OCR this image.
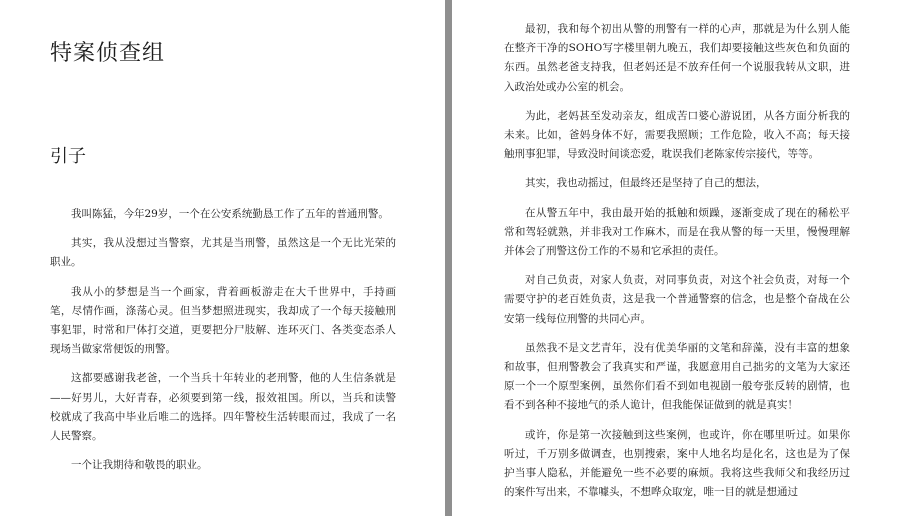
特案侦查组
引子

我叫陈猛，今年29岁，一个在公安系统勤恳工作了五年的普通刑警。

其实，我从没想过当警察，尤其是当刑警，虽然这是一个无比光荣的职业。

我从小的梦想是当一个画家，背着画板游走在大千世界中，手持画笔，尽情作画，涤荡心灵。但当梦想照进现实，我却成了一个每天接触刑事犯罪，时常和尸体打交道，更要把分尸肢解、连环灭门、各类变态杀人现场当做家常便饭的刑警。

这都要感谢我老爸，一个当兵十年转业的老刑警，他的人生信条就是——好男儿，大好青春，必须要到第一线，报效祖国。所以，当兵和读警校就成了我高中毕业后唯二的选择。四年警校生活转眼而过，我成了一名人民警察。

一个让我期待和敬畏的职业。

最初，我和每个初出从警的刑警有一样的心声，那就是为什么别人能在整齐干净的SOHO写字楼里朝九晚五，我们却要接触这些灰色和负面的东西。虽然老爸支持我，但老妈还是不放弃任何一个说服我转从文职，进入政治处或办公室的机会。

为此，老妈甚至发动亲友，组成苦口婆心游说团，从各方面分析我的未来。比如，爸妈身体不好，需要我照顾；工作危险，收入不高；每天接触刑事犯罪，导致没时间谈恋爱，耽误我们老陈家传宗接代，等等。

其实，我也动摇过，但最终还是坚持了自己的想法，

在从警五年中，我由最开始的抵触和烦躁，逐渐变成了现在的稀松平常和驾轻就熟，并非我对工作麻木，而是在我从警的每一天里，慢慢理解并体会了刑警这份工作的不易和它承担的责任。

对自己负责，对家人负责，对同事负责，对这个社会负责，对每一个需要守护的老百姓负责，这是我一个普通警察的信念，也是整个奋战在公安第一线每位刑警的共同心声。

虽然我不是文艺青年，没有优美华丽的文笔和辞藻，没有丰富的想象和故事，但刑警教会了我真实和严谨，我愿意用自己拙劣的文笔为大家还原一个一个原型案例，虽然你们看不到如电视剧一般夸张反转的剧情，也看不到各种不接地气的杀人诡计，但我能保证做到的就是真实！

或许，你是第一次接触到这些案例，也或许，你在哪里听过。如果你听过，千万别多做调查，也别搜索，案中人地名均是化名，这也是为了保护当事人隐私，并能避免一些不必要的麻烦。我将这些我师父和我经历过的案件写出来，不靠噱头，不想哗众取宠，唯一目的就是想通过
